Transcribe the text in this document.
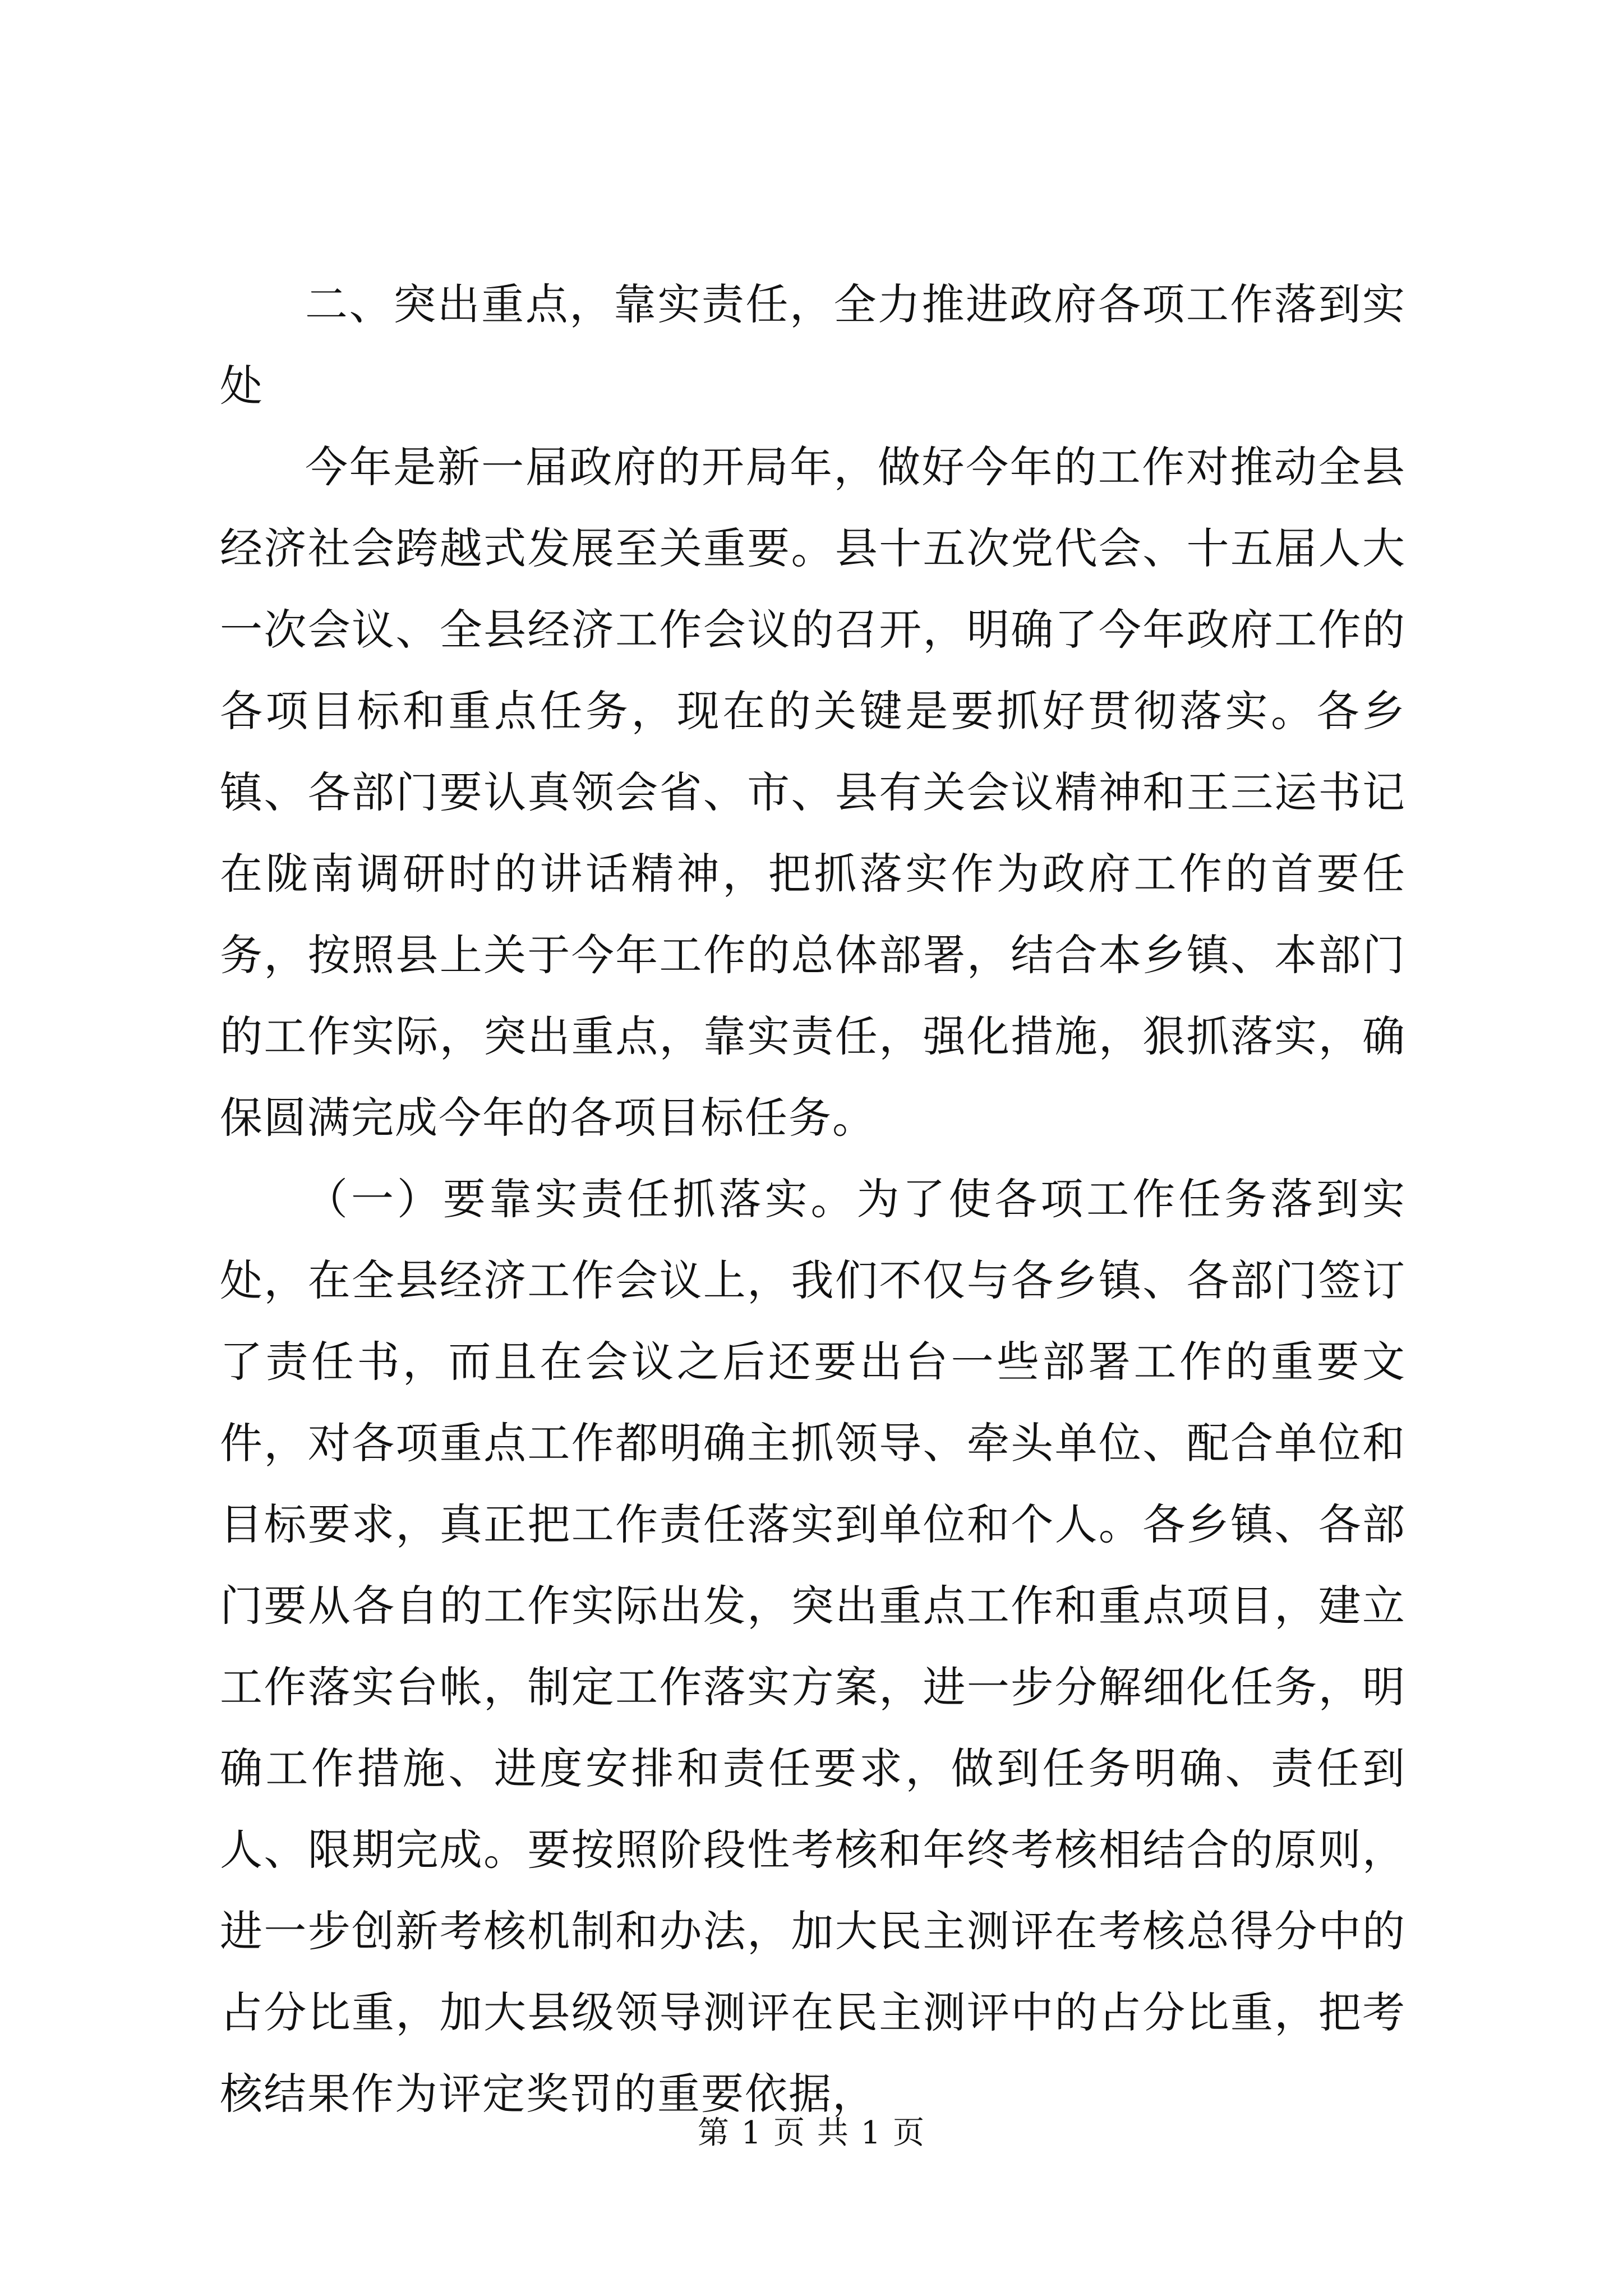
二、突出重点，靠实责任，全力推进政府各项工作落到实处

今年是新一届政府的开局年，做好今年的工作对推动全县经济社会跨越式发展至关重要。县十五次党代会、十五届人大一次会议、全县经济工作会议的召开，明确了今年政府工作的各项目标和重点任务，现在的关键是要抓好贯彻落实。各乡镇、各部门要认真领会省、市、县有关会议精神和王三运书记在陇南调研时的讲话精神，把抓落实作为政府工作的首要任务，按照县上关于今年工作的总体部署，结合本乡镇、本部门的工作实际，突出重点，靠实责任，强化措施，狠抓落实，确保圆满完成今年的各项目标任务。

（一）要靠实责任抓落实。为了使各项工作任务落到实处，在全县经济工作会议上，我们不仅与各乡镇、各部门签订了责任书，而且在会议之后还要出台一些部署工作的重要文件，对各项重点工作都明确主抓领导、牵头单位、配合单位和目标要求，真正把工作责任落实到单位和个人。各乡镇、各部门要从各自的工作实际出发，突出重点工作和重点项目，建立工作落实台帐，制定工作落实方案，进一步分解细化任务，明确工作措施、进度安排和责任要求，做到任务明确、责任到人、限期完成。要按照阶段性考核和年终考核相结合的原则，进一步创新考核机制和办法，加大民主测评在考核总得分中的占分比重，加大县级领导测评在民主测评中的占分比重，把考核结果作为评定奖罚的重要依据，

第 1 页 共 1 页
